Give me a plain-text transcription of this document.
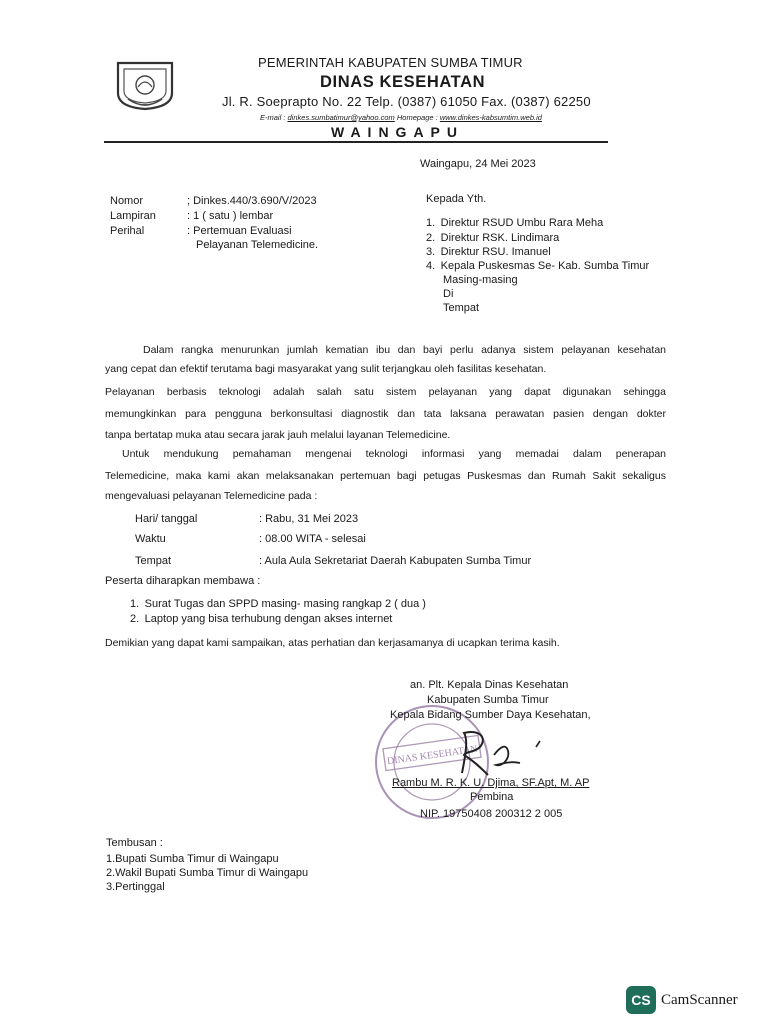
PEMERINTAH KABUPATEN SUMBA TIMUR
DINAS KESEHATAN
Jl. R. Soeprapto No. 22 Telp. (0387) 61050 Fax. (0387) 62250
E-mail : dinkes.sumbatimur@yahoo.com Homepage : www.dinkes-kabsumtim.web.id
WAINGAPU
Waingapu, 24 Mei 2023
Nomor	; Dinkes.440/3.690/V/2023
Lampiran	: 1 ( satu ) lembar
Perihal	: Pertemuan Evaluasi
Pelayanan Telemedicine.
Kepada Yth.
1. Direktur RSUD Umbu Rara Meha
2. Direktur RSK. Lindimara
3. Direktur RSU. Imanuel
4. Kepala Puskesmas Se- Kab. Sumba Timur
Masing-masing
Di
Tempat
Dalam rangka menurunkan jumlah kematian ibu dan bayi perlu adanya sistem pelayanan kesehatan
yang cepat dan efektif terutama bagi masyarakat yang sulit terjangkau oleh fasilitas kesehatan.
Pelayanan berbasis teknologi adalah salah satu sistem pelayanan yang dapat digunakan sehingga
memungkinkan para pengguna berkonsultasi diagnostik dan tata laksana perawatan pasien dengan dokter
tanpa bertatap muka atau secara jarak jauh melalui layanan Telemedicine.
Untuk mendukung pemahaman mengenai teknologi informasi yang memadai dalam penerapan
Telemedicine, maka kami akan melaksanakan pertemuan bagi petugas Puskesmas dan Rumah Sakit sekaligus
mengevaluasi pelayanan Telemedicine pada :
Hari/ tanggal	: Rabu, 31 Mei 2023
Waktu	: 08.00 WITA - selesai
Tempat	: Aula Aula Sekretariat Daerah Kabupaten Sumba Timur
Peserta diharapkan membawa :
1. Surat Tugas dan SPPD masing- masing rangkap 2 ( dua )
2. Laptop yang bisa terhubung dengan akses internet
Demikian yang dapat kami sampaikan, atas perhatian dan kerjasamanya di ucapkan terima kasih.
DINAS KESEHATAN
an. Plt. Kepala Dinas Kesehatan
Kabupaten Sumba Timur
Kepala Bidang Sumber Daya Kesehatan,
Rambu M. R. K. U. Djima, SF.Apt, M. AP
Pembina
NIP. 19750408 200312 2 005
Tembusan :
1.Bupati Sumba Timur di Waingapu
2.Wakil Bupati Sumba Timur di Waingapu
3.Pertinggal
CS CamScanner
